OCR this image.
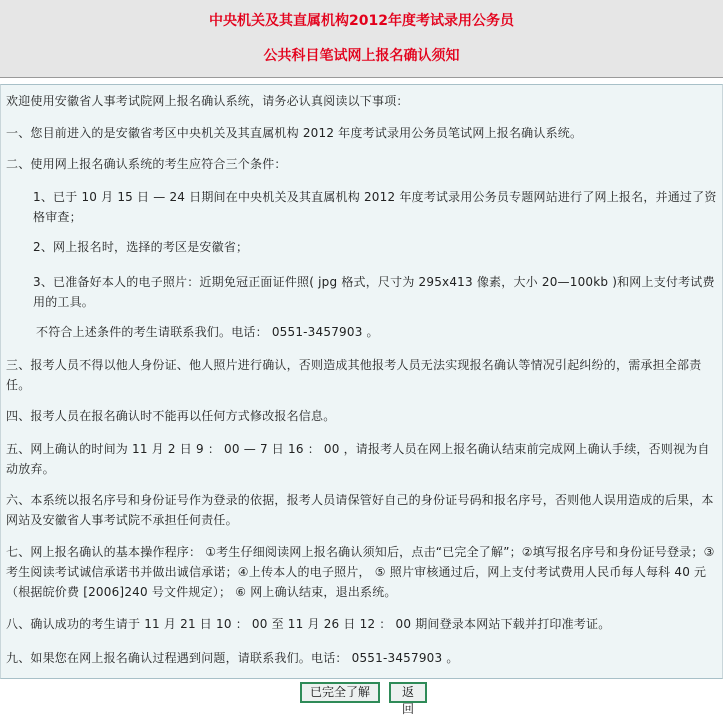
中央机关及其直属机构2012年度考试录用公务员
公共科目笔试网上报名确认须知
欢迎使用安徽省人事考试院网上报名确认系统，请务必认真阅读以下事项：
一、您目前进入的是安徽省考区中央机关及其直属机构 2012 年度考试录用公务员笔试网上报名确认系统。
二、使用网上报名确认系统的考生应符合三个条件：
1、已于 10 月 15 日 — 24 日期间在中央机关及其直属机构 2012 年度考试录用公务员专题网站进行了网上报名，并通过了资格审查；
2、网上报名时，选择的考区是安徽省；
3、已准备好本人的电子照片：近期免冠正面证件照( jpg 格式，尺寸为 295x413 像素，大小 20—100kb )和网上支付考试费用的工具。
不符合上述条件的考生请联系我们。电话： 0551-3457903 。
三、报考人员不得以他人身份证、他人照片进行确认，否则造成其他报考人员无法实现报名确认等情况引起纠纷的，需承担全部责任。
四、报考人员在报名确认时不能再以任何方式修改报名信息。
五、网上确认的时间为 11 月 2 日 9 ： 00 — 7 日 16 ： 00 ，请报考人员在网上报名确认结束前完成网上确认手续，否则视为自动放弃。
六、本系统以报名序号和身份证号作为登录的依据，报考人员请保管好自己的身份证号码和报名序号，否则他人误用造成的后果，本网站及安徽省人事考试院不承担任何责任。
七、网上报名确认的基本操作程序： ①考生仔细阅读网上报名确认须知后，点击“已完全了解”；②填写报名序号和身份证号登录；③考生阅读考试诚信承诺书并做出诚信承诺；④上传本人的电子照片， ⑤ 照片审核通过后，网上支付考试费用人民币每人每科 40 元（根据皖价费 [2006]240 号文件规定）； ⑥ 网上确认结束，退出系统。
八、确认成功的考生请于 11 月 21 日 10 ： 00 至 11 月 26 日 12 ： 00 期间登录本网站下载并打印准考证。
九、如果您在网上报名确认过程遇到问题，请联系我们。电话： 0551-3457903 。
已完全了解	返回
